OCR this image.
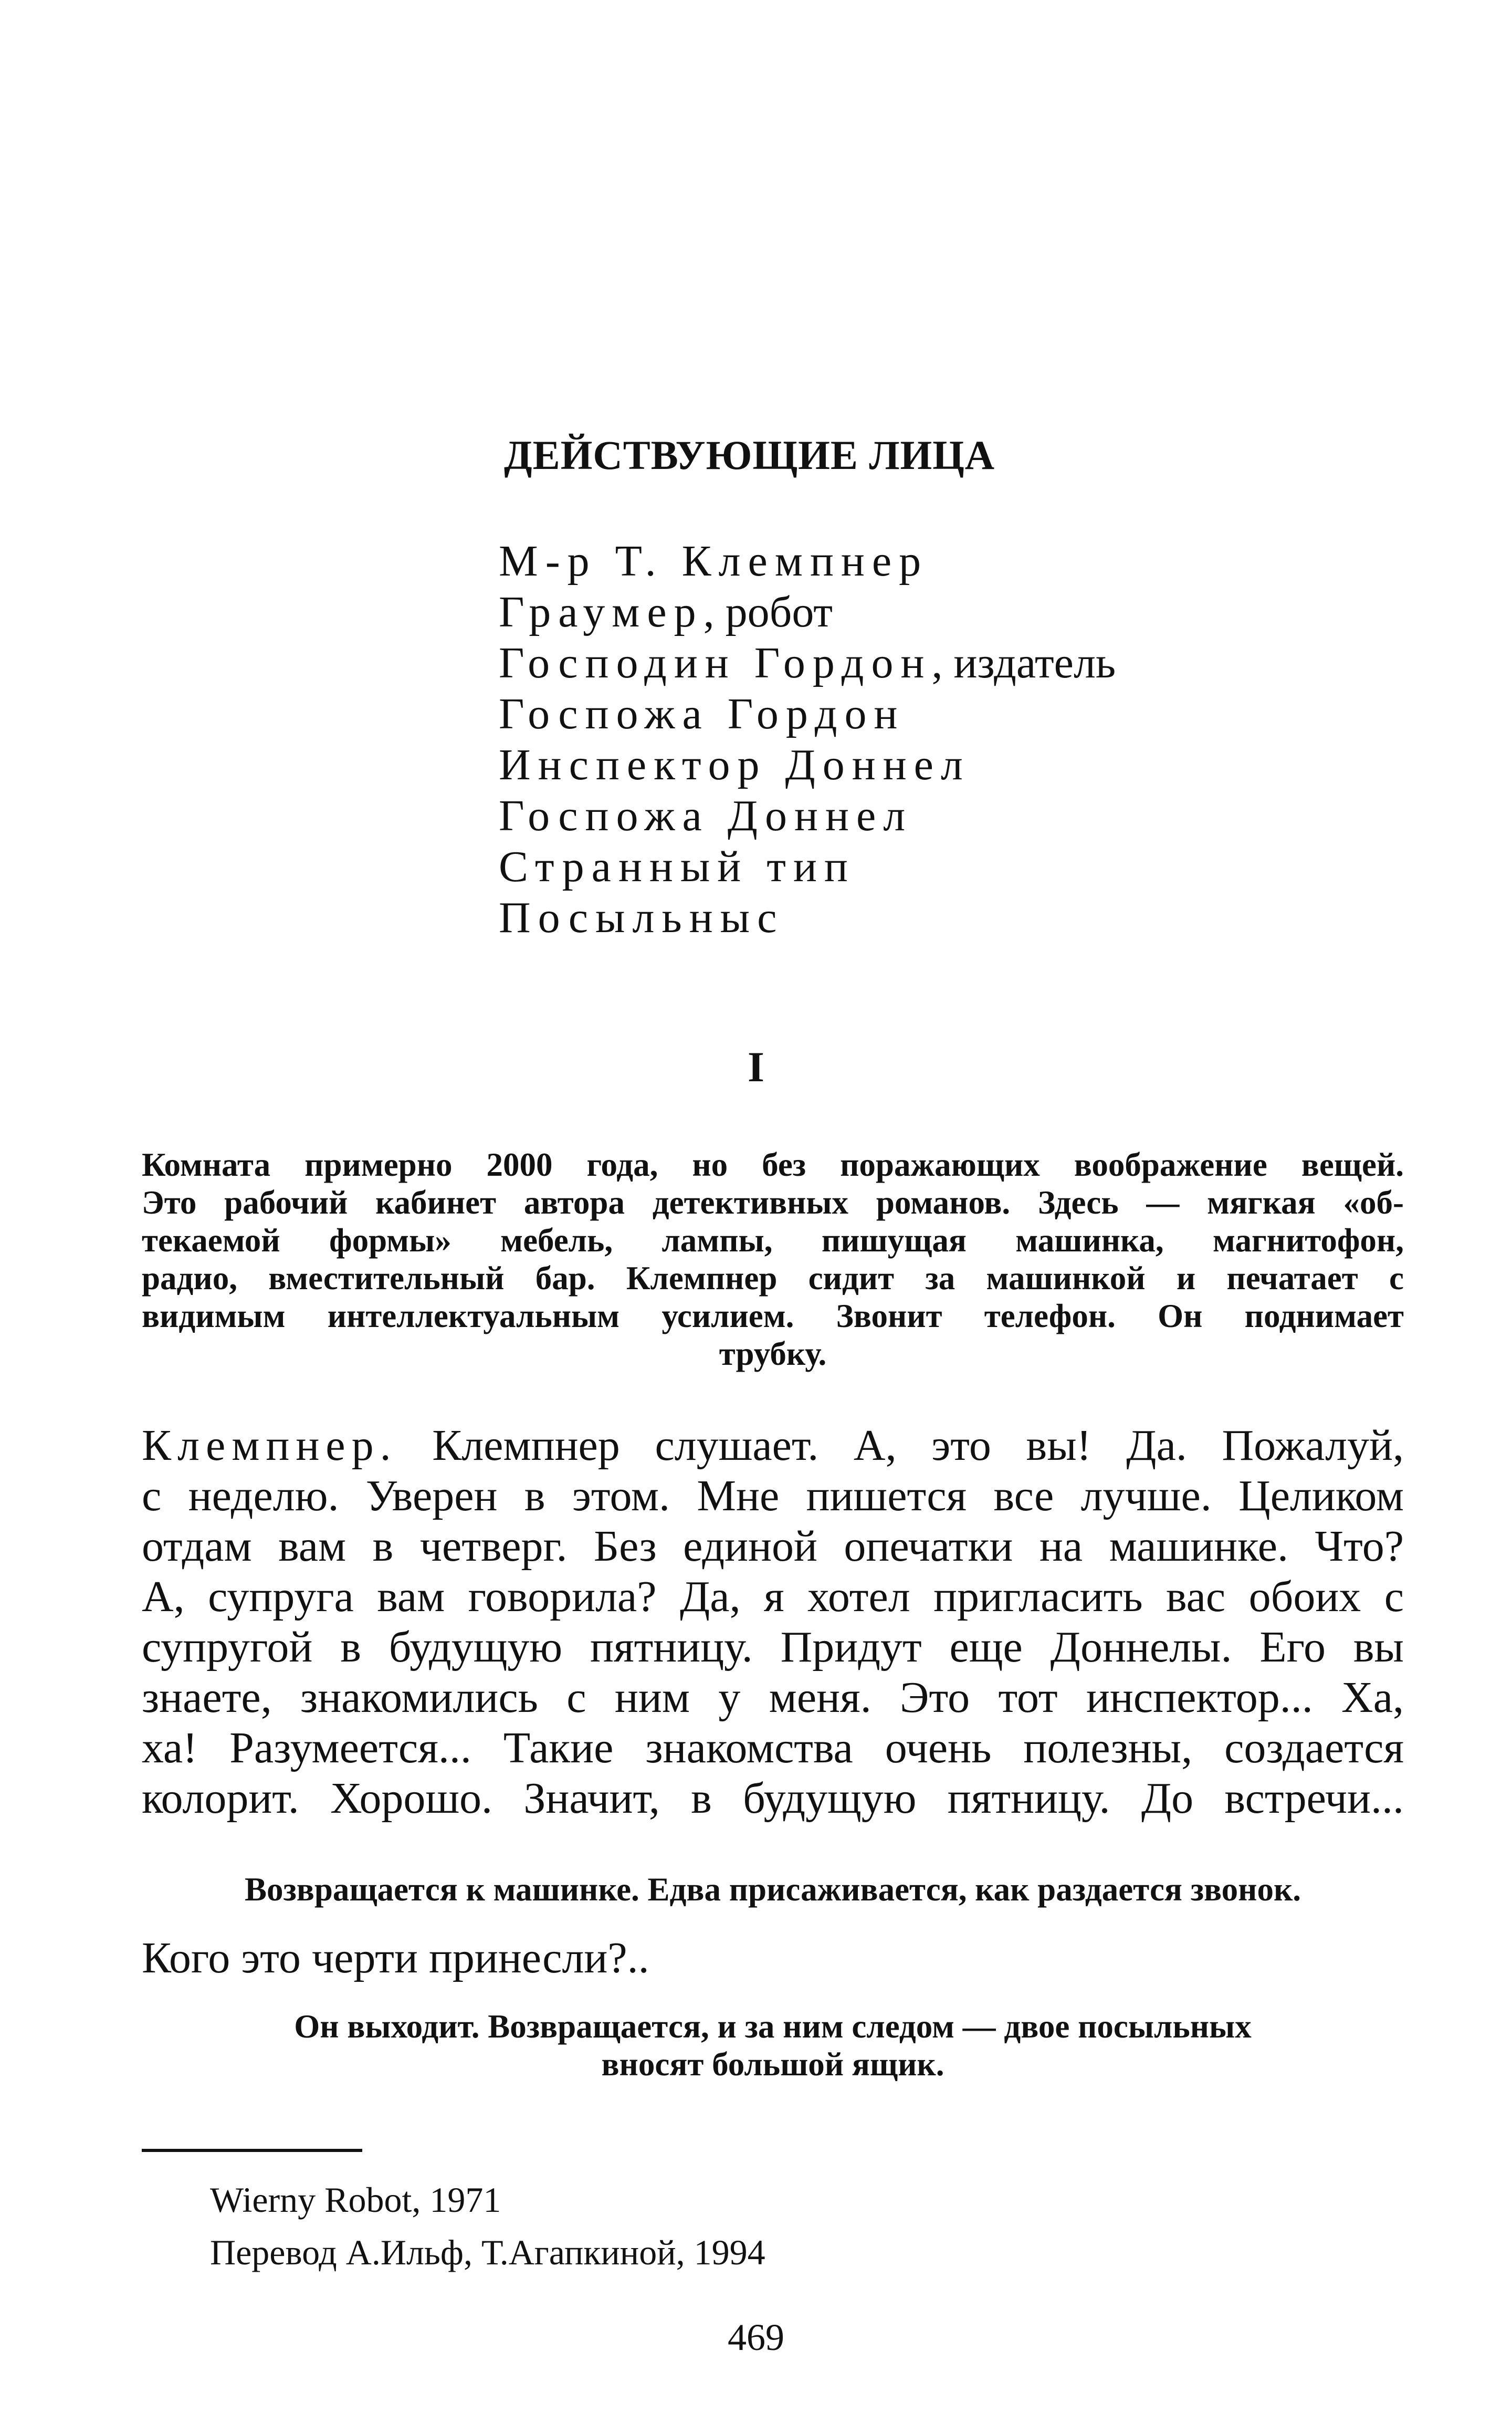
ДЕЙСТВУЮЩИЕ ЛИЦА
М-р Т. Клемпнер
Граумер, робот
Господин Гордон, издатель
Госпожа Гордон
Инспектор Доннел
Госпожа Доннел
Странный тип
Посыльныс
I

Комната примерно 2000 года, но без поражающих воображение вещей.
Это рабочий кабинет автора детективных романов. Здесь — мягкая «об-
текаемой формы» мебель, лампы, пишущая машинка, магнитофон,
радио, вместительный бар. Клемпнер сидит за машинкой и печатает с
видимым интеллектуальным усилием. Звонит телефон. Он поднимает
трубку.

Клемпнер. Клемпнер слушает. А, это вы! Да. Пожалуй,
с неделю. Уверен в этом. Мне пишется все лучше. Целиком
отдам вам в четверг. Без единой опечатки на машинке. Что?
А, супруга вам говорила? Да, я хотел пригласить вас обоих с
супругой в будущую пятницу. Придут еще Доннелы. Его вы
знаете, знакомились с ним у меня. Это тот инспектор... Ха,
ха! Разумеется... Такие знакомства очень полезны, создается
колорит. Хорошо. Значит, в будущую пятницу. До встречи...

Возвращается к машинке. Едва присаживается, как раздается звонок.

Кого это черти принесли?..

Он выходит. Возвращается, и за ним следом — двое посыльных
вносят большой ящик.

Wierny Robot, 1971

Перевод А.Ильф, Т.Агапкиной, 1994

469
